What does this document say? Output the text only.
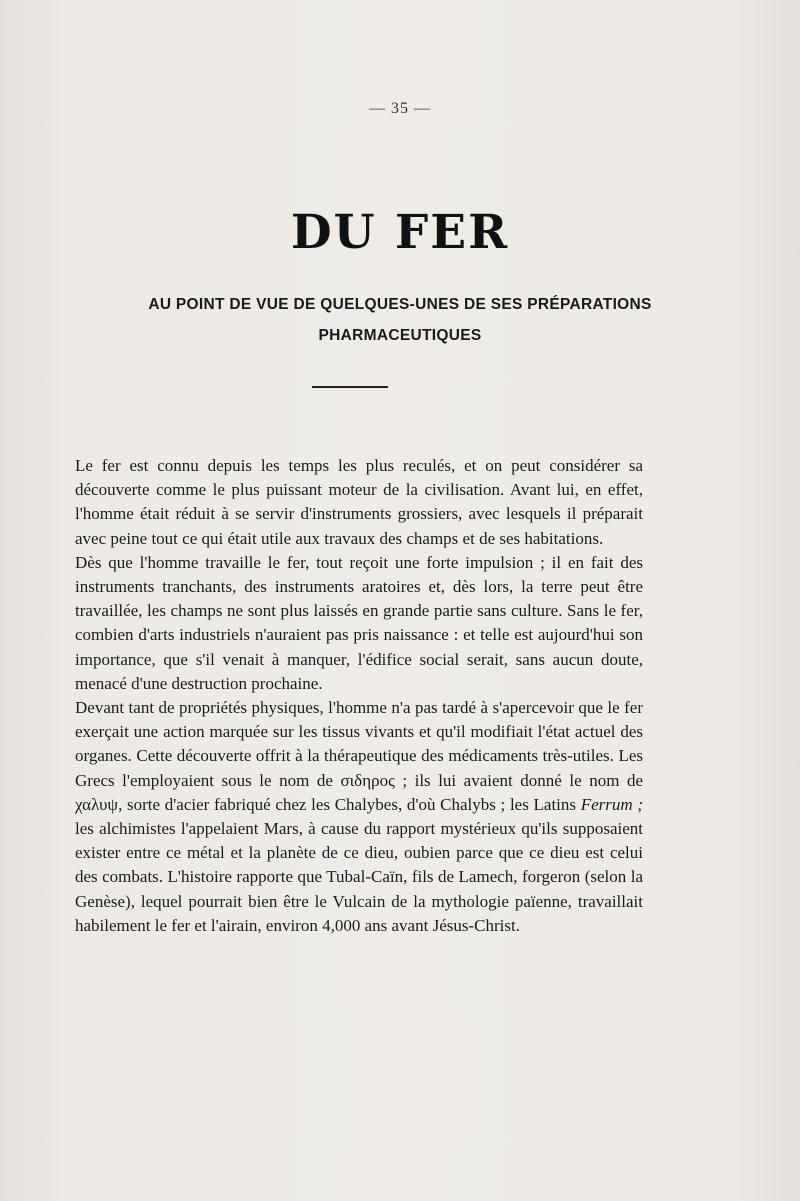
— 35 —
DU FER
AU POINT DE VUE DE QUELQUES-UNES DE SES PRÉPARATIONS
PHARMACEUTIQUES

Le fer est connu depuis les temps les plus reculés, et on peut considérer sa découverte comme le plus puissant moteur de la civilisation. Avant lui, en effet, l'homme était réduit à se servir d'instruments grossiers, avec lesquels il préparait avec peine tout ce qui était utile aux travaux des champs et de ses habitations.

Dès que l'homme travaille le fer, tout reçoit une forte impulsion ; il en fait des instruments tranchants, des instruments aratoires et, dès lors, la terre peut être travaillée, les champs ne sont plus laissés en grande partie sans culture. Sans le fer, combien d'arts industriels n'auraient pas pris naissance : et telle est aujourd'hui son importance, que s'il venait à manquer, l'édifice social serait, sans aucun doute, menacé d'une destruction prochaine.

Devant tant de propriétés physiques, l'homme n'a pas tardé à s'apercevoir que le fer exerçait une action marquée sur les tissus vivants et qu'il modifiait l'état actuel des organes. Cette découverte offrit à la thérapeutique des médicaments très-utiles. Les Grecs l'employaient sous le nom de σιδηρος ; ils lui avaient donné le nom de χαλυψ, sorte d'acier fabriqué chez les Chalybes, d'où Chalybs ; les Latins Ferrum ; les alchimistes l'appelaient Mars, à cause du rapport mystérieux qu'ils supposaient exister entre ce métal et la planète de ce dieu, oubien parce que ce dieu est celui des combats. L'histoire rapporte que Tubal-Caïn, fils de Lamech, forgeron (selon la Genèse), lequel pourrait bien être le Vulcain de la mythologie païenne, travaillait habilement le fer et l'airain, environ 4,000 ans avant Jésus-Christ.
